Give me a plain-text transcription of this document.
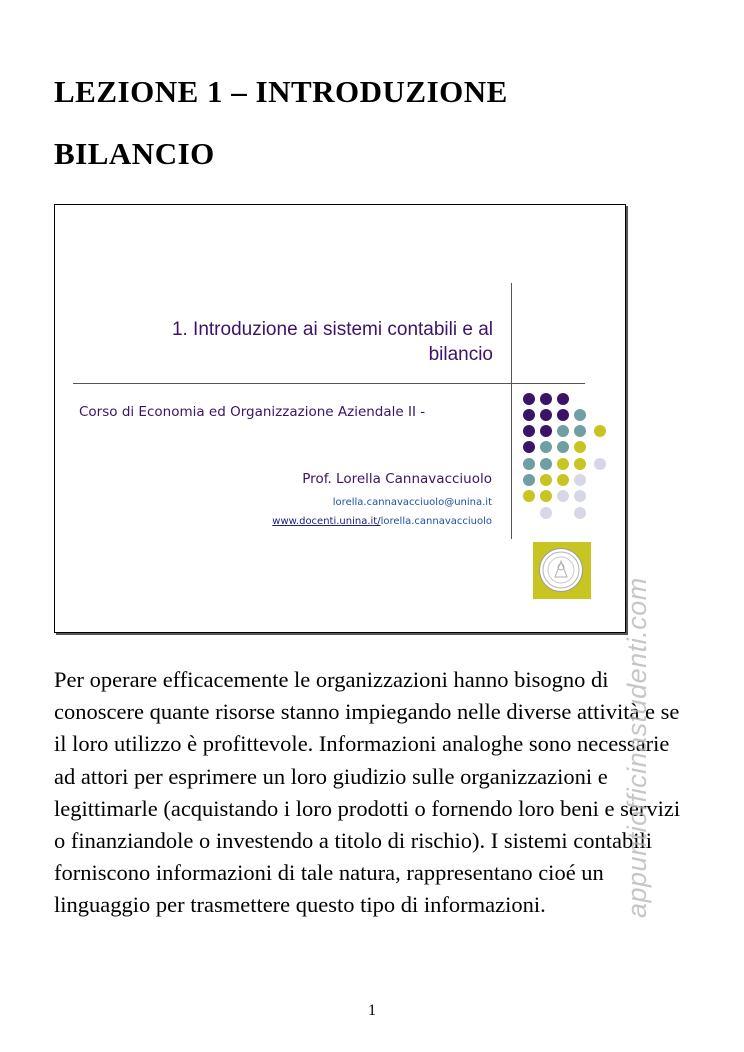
LEZIONE 1 – INTRODUZIONE
BILANCIO
1. Introduzione ai sistemi contabili e al bilancio
Corso di Economia ed Organizzazione Aziendale II -
Prof. Lorella Cannavacciuolo
lorella.cannavacciuolo@unina.it
www.docenti.unina.it/lorella.cannavacciuolo

Per operare efficacemente le organizzazioni hanno bisogno di conoscere quante risorse stanno impiegando nelle diverse attività e se il loro utilizzo è profittevole. Informazioni analoghe sono necessarie ad attori per esprimere un loro giudizio sulle organizzazioni e legittimarle (acquistando i loro prodotti o fornendo loro beni e servizi o finanziandole o investendo a titolo di rischio). I sistemi contabili forniscono informazioni di tale natura, rappresentano cioé un linguaggio per trasmettere questo tipo di informazioni.

1
appuntiofficinastudenti.com
